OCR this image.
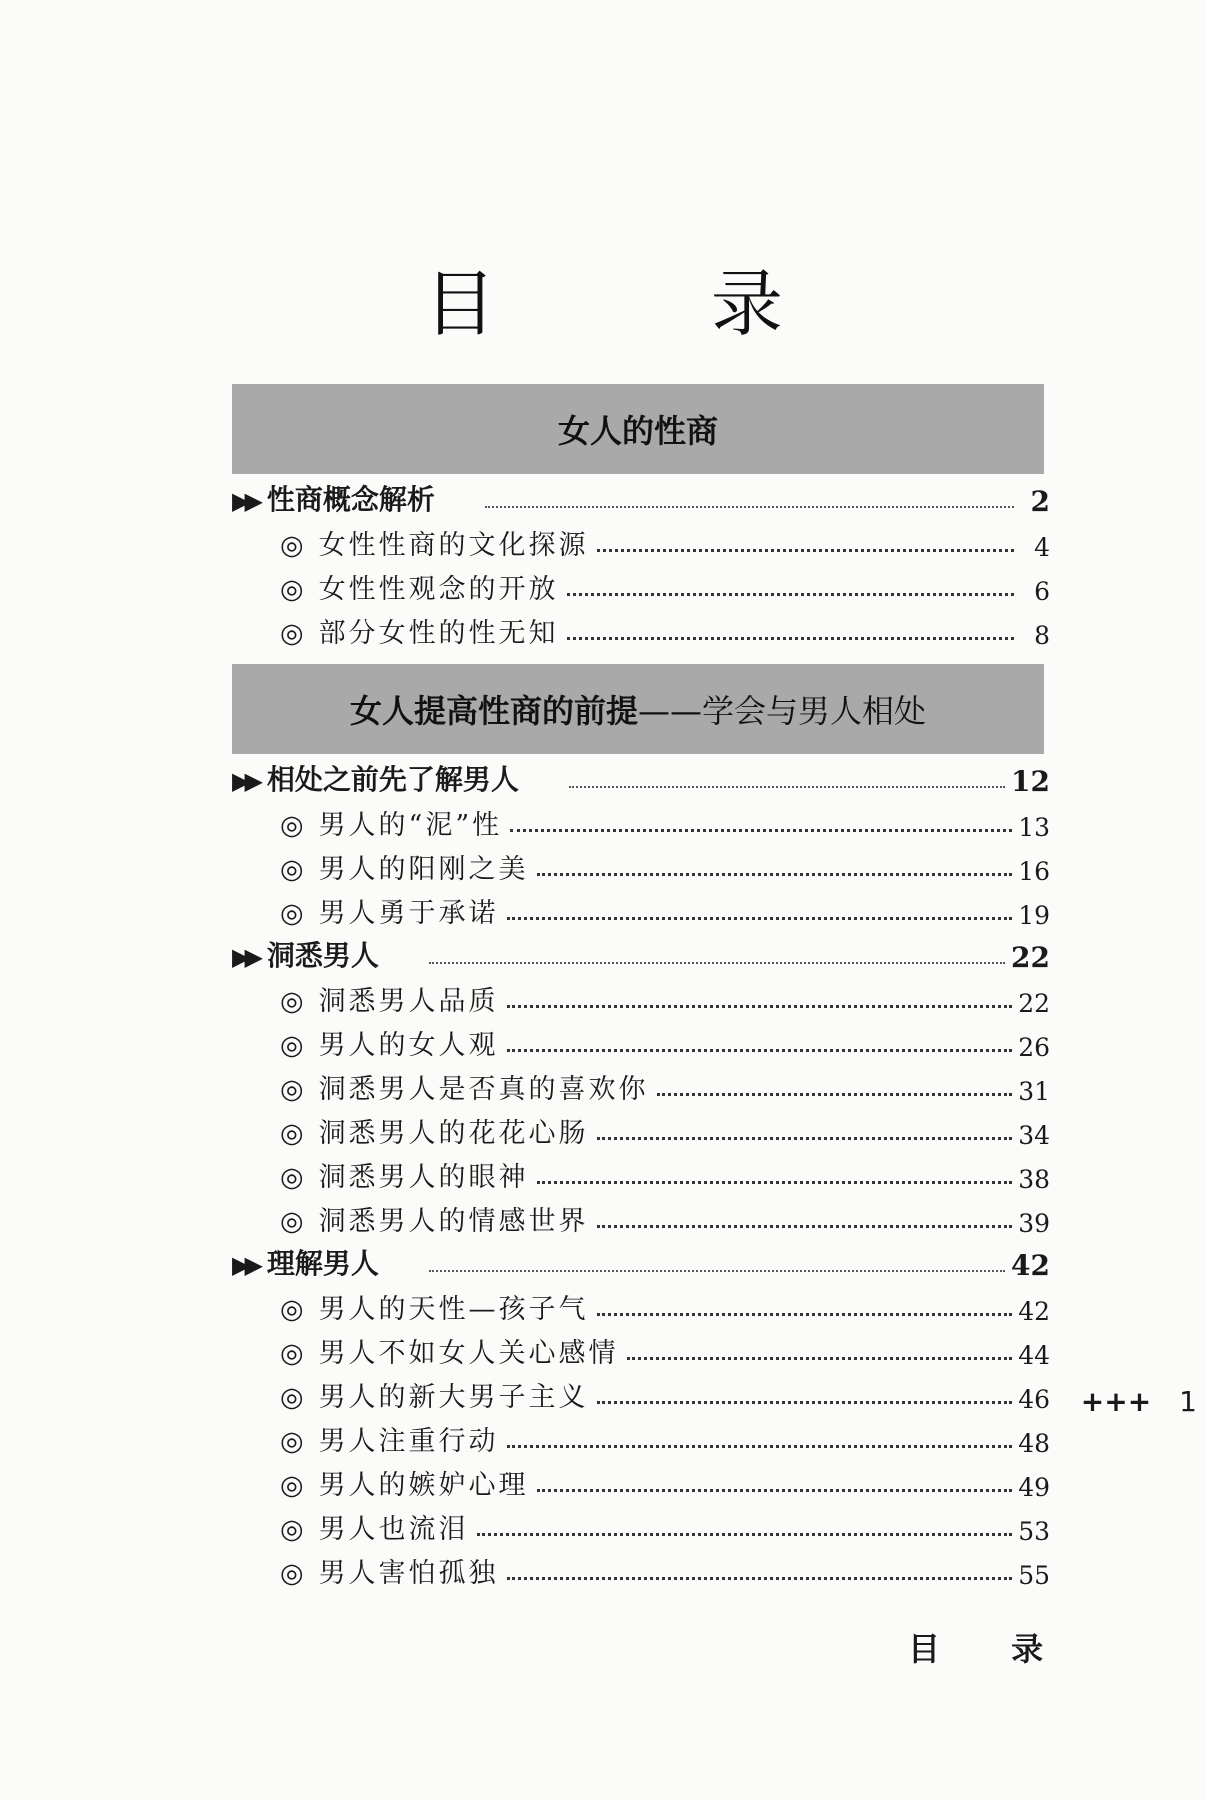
目 录
女人的性商
▶▶ 性商概念解析	2
◎ 女性性商的文化探源	4
◎ 女性性观念的开放	6
◎ 部分女性的性无知	8
女人提高性商的前提 ——学会与男人相处
▶▶ 相处之前先了解男人	12
◎ 男人的“泥”性	13
◎ 男人的阳刚之美	16
◎ 男人勇于承诺	19
▶▶ 洞悉男人	22
◎ 洞悉男人品质	22
◎ 男人的女人观	26
◎ 洞悉男人是否真的喜欢你	31
◎ 洞悉男人的花花心肠	34
◎ 洞悉男人的眼神	38
◎ 洞悉男人的情感世界	39
▶▶ 理解男人	42
◎ 男人的天性—孩子气	42
◎ 男人不如女人关心感情	44
◎ 男人的新大男子主义	46
◎ 男人注重行动	48
◎ 男人的嫉妒心理	49
◎ 男人也流泪	53
◎ 男人害怕孤独	55
+++ 1
目 录
